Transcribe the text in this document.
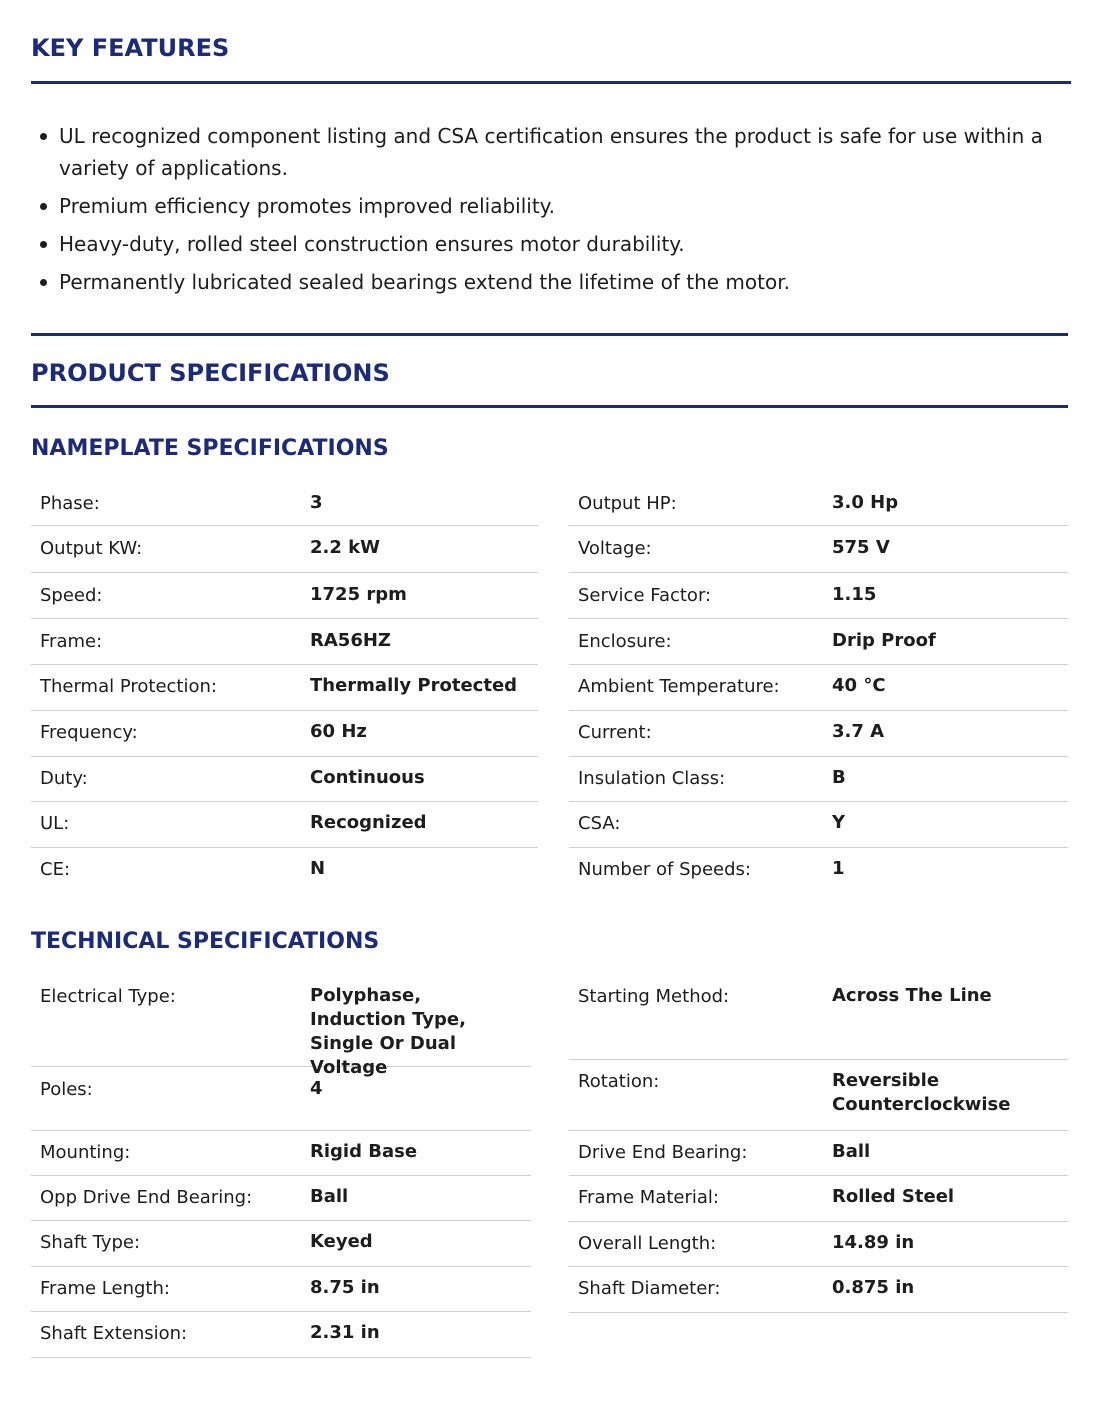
KEY FEATURES
UL recognized component listing and CSA certification ensures the product is safe for use within a variety of applications.
Premium efficiency promotes improved reliability.
Heavy-duty, rolled steel construction ensures motor durability.
Permanently lubricated sealed bearings extend the lifetime of the motor.
PRODUCT SPECIFICATIONS
NAMEPLATE SPECIFICATIONS
Phase:	3
Output KW:	2.2 kW
Speed:	1725 rpm
Frame:	RA56HZ
Thermal Protection:	Thermally Protected
Frequency:	60 Hz
Duty:	Continuous
UL:	Recognized
CE:	N
Output HP:	3.0 Hp
Voltage:	575 V
Service Factor:	1.15
Enclosure:	Drip Proof
Ambient Temperature:	40 °C
Current:	3.7 A
Insulation Class:	B
CSA:	Y
Number of Speeds:	1
TECHNICAL SPECIFICATIONS
Electrical Type:	Polyphase, Induction Type, Single Or Dual Voltage
Poles:	4
Mounting:	Rigid Base
Opp Drive End Bearing:	Ball
Shaft Type:	Keyed
Frame Length:	8.75 in
Shaft Extension:	2.31 in
Starting Method:	Across The Line
Rotation:	Reversible Counterclockwise
Drive End Bearing:	Ball
Frame Material:	Rolled Steel
Overall Length:	14.89 in
Shaft Diameter:	0.875 in
